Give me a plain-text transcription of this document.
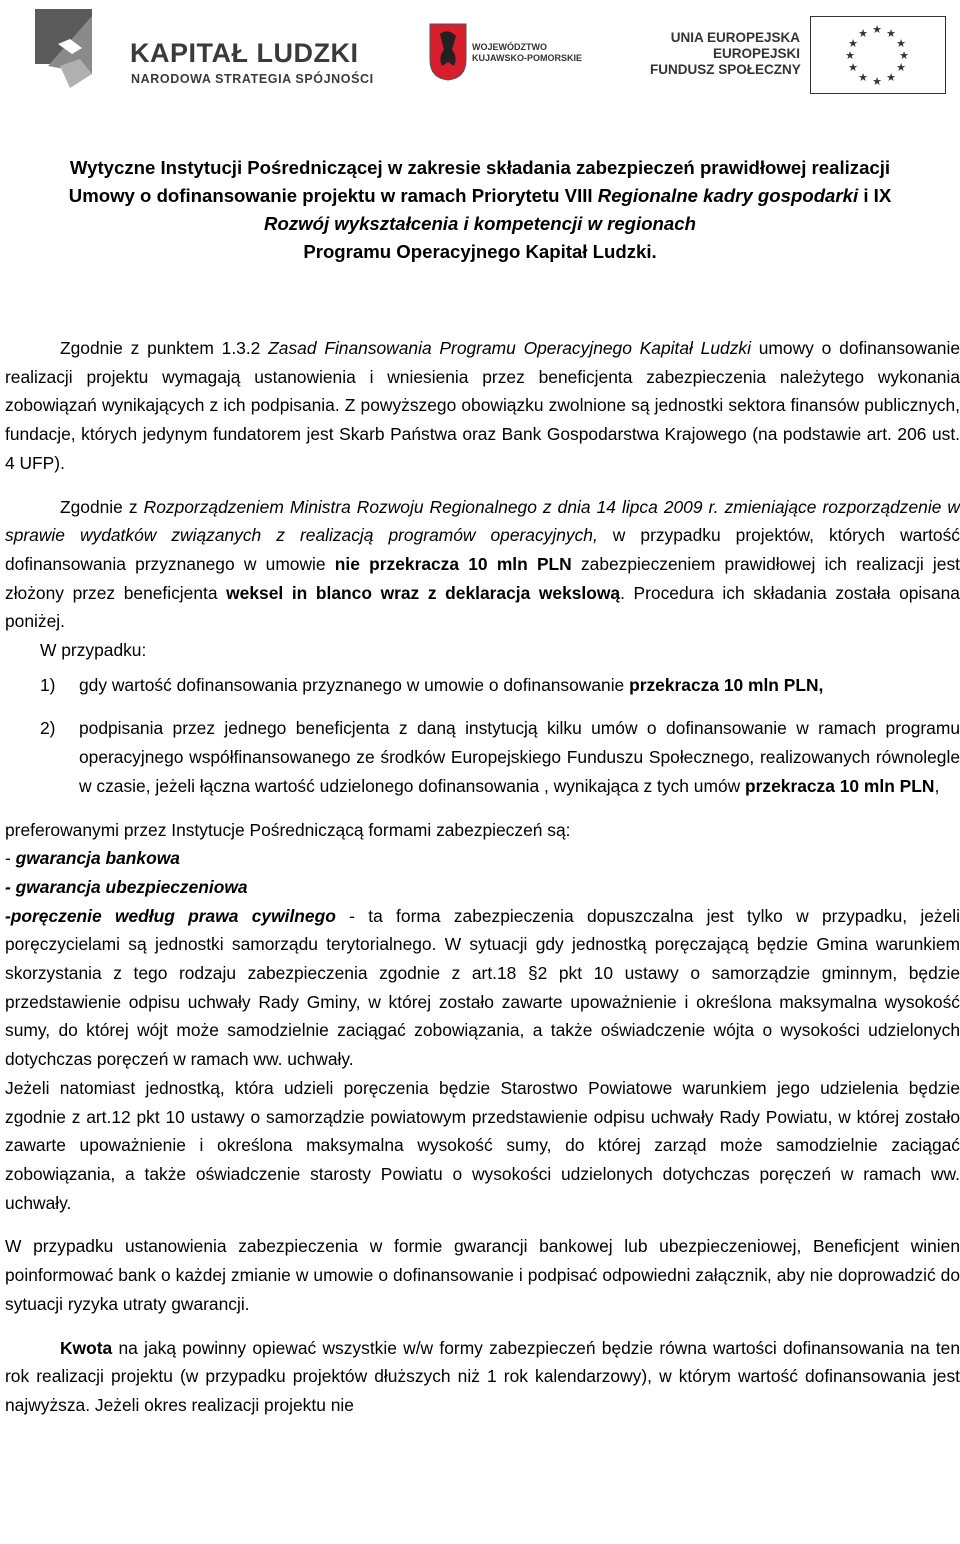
KAPITAŁ LUDZKI
NARODOWA STRATEGIA SPÓJNOŚCI
WOJEWÓDZTWO
KUJAWSKO-POMORSKIE
UNIA EUROPEJSKA
EUROPEJSKI
FUNDUSZ SPOŁECZNY
★ ★
★
★
★
★
★
★
★
★
★
★
Wytyczne Instytucji Pośredniczącej w zakresie składania zabezpieczeń prawidłowej realizacji
Umowy o dofinansowanie projektu w ramach Priorytetu VIII Regionalne kadry gospodarki i IX
Rozwój wykształcenia i kompetencji w regionach
Programu Operacyjnego Kapitał Ludzki.

Zgodnie z punktem 1.3.2 Zasad Finansowania Programu Operacyjnego Kapitał Ludzki umowy o dofinansowanie realizacji projektu wymagają ustanowienia i wniesienia przez beneficjenta zabezpieczenia należytego wykonania zobowiązań wynikających z ich podpisania. Z powyższego obowiązku zwolnione są jednostki sektora finansów publicznych, fundacje, których jedynym fundatorem jest Skarb Państwa oraz Bank Gospodarstwa Krajowego (na podstawie art. 206 ust. 4 UFP).

Zgodnie z Rozporządzeniem Ministra Rozwoju Regionalnego z dnia 14 lipca 2009 r. zmieniające rozporządzenie w sprawie wydatków związanych z realizacją programów operacyjnych, w przypadku projektów, których wartość dofinansowania przyznanego w umowie nie przekracza 10 mln PLN zabezpieczeniem prawidłowej ich realizacji jest złożony przez beneficjenta weksel in blanco wraz z deklaracja wekslową. Procedura ich składania została opisana poniżej.

W przypadku:

1)	gdy wartość dofinansowania przyznanego w umowie o dofinansowanie przekracza 10 mln PLN,
2)	podpisania przez jednego beneficjenta z daną instytucją kilku umów o dofinansowanie w ramach programu operacyjnego współfinansowanego ze środków Europejskiego Funduszu Społecznego, realizowanych równolegle w czasie, jeżeli łączna wartość udzielonego dofinansowania , wynikająca z tych umów przekracza 10 mln PLN,

preferowanymi przez Instytucje Pośredniczącą formami zabezpieczeń są:

- gwarancja bankowa

- gwarancja ubezpieczeniowa

-poręczenie według prawa cywilnego - ta forma zabezpieczenia dopuszczalna jest tylko w przypadku, jeżeli poręczycielami są jednostki samorządu terytorialnego. W sytuacji gdy jednostką poręczającą będzie Gmina warunkiem skorzystania z tego rodzaju zabezpieczenia zgodnie z art.18 §2 pkt 10 ustawy o samorządzie gminnym, będzie przedstawienie odpisu uchwały Rady Gminy, w której zostało zawarte upoważnienie i określona maksymalna wysokość sumy, do której wójt może samodzielnie zaciągać zobowiązania, a także oświadczenie wójta o wysokości udzielonych dotychczas poręczeń w ramach ww. uchwały.

Jeżeli natomiast jednostką, która udzieli poręczenia będzie Starostwo Powiatowe warunkiem jego udzielenia będzie zgodnie z art.12 pkt 10 ustawy o samorządzie powiatowym przedstawienie odpisu uchwały Rady Powiatu, w której zostało zawarte upoważnienie i określona maksymalna wysokość sumy, do której zarząd może samodzielnie zaciągać zobowiązania, a także oświadczenie starosty Powiatu o wysokości udzielonych dotychczas poręczeń w ramach ww. uchwały.

W przypadku ustanowienia zabezpieczenia w formie gwarancji bankowej lub ubezpieczeniowej, Beneficjent winien poinformować bank o każdej zmianie w umowie o dofinansowanie i podpisać odpowiedni załącznik, aby nie doprowadzić do sytuacji ryzyka utraty gwarancji.

Kwota na jaką powinny opiewać wszystkie w/w formy zabezpieczeń będzie równa wartości dofinansowania na ten rok realizacji projektu (w przypadku projektów dłuższych niż 1 rok kalendarzowy), w którym wartość dofinansowania jest najwyższa. Jeżeli okres realizacji projektu nie
